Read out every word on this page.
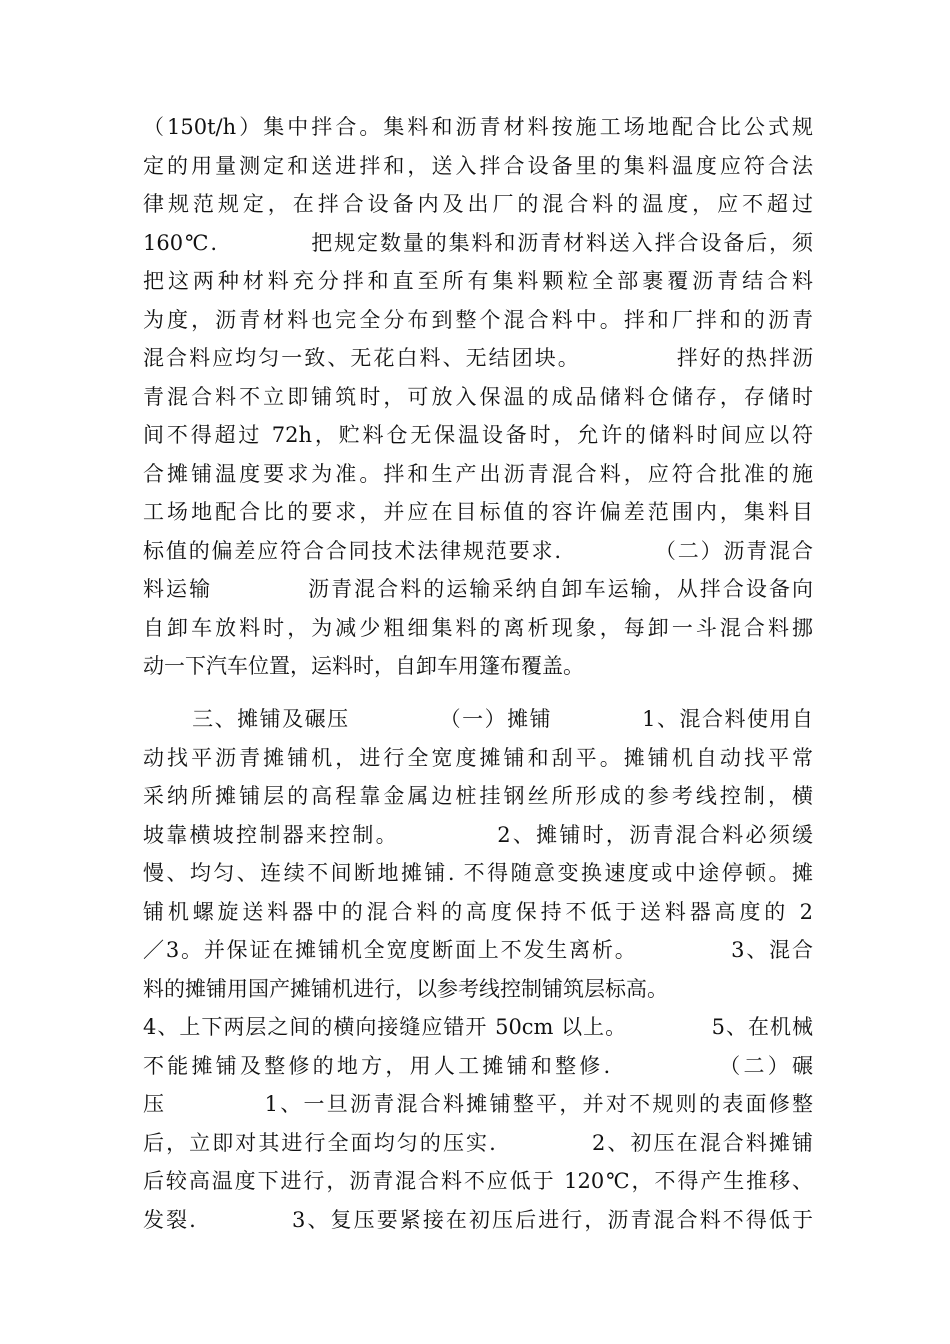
（150t/h）集中拌合。集料和沥青材料按施工场地配合比公式规
定的用量测定和送进拌和，送入拌合设备里的集料温度应符合法
律规范规定，在拌合设备内及出厂的混合料的温度，应不超过
160℃.           把规定数量的集料和沥青材料送入拌合设备后，须
把这两种材料充分拌和直至所有集料颗粒全部裹覆沥青结合料
为度，沥青材料也完全分布到整个混合料中。拌和厂拌和的沥青
混合料应均匀一致、无花白料、无结团块。           拌好的热拌沥
青混合料不立即铺筑时，可放入保温的成品储料仓储存，存储时
间不得超过 72h，贮料仓无保温设备时，允许的储料时间应以符
合摊铺温度要求为准。拌和生产出沥青混合料，应符合批准的施
工场地配合比的要求，并应在目标值的容许偏差范围内，集料目
标值的偏差应符合合同技术法律规范要求.           （二）沥青混合
料运输           沥青混合料的运输采纳自卸车运输，从拌合设备向
自卸车放料时，为减少粗细集料的离析现象，每卸一斗混合料挪
动一下汽车位置，运料时，自卸车用篷布覆盖。
三、摊铺及碾压           （一）摊铺           1、混合料使用自
动找平沥青摊铺机，进行全宽度摊铺和刮平。摊铺机自动找平常
采纳所摊铺层的高程靠金属边桩挂钢丝所形成的参考线控制，横
坡靠横坡控制器来控制。           2、摊铺时，沥青混合料必须缓
慢、均匀、连续不间断地摊铺. 不得随意变换速度或中途停顿。摊
铺机螺旋送料器中的混合料的高度保持不低于送料器高度的 2
／3。并保证在摊铺机全宽度断面上不发生离析。           3、混合
料的摊铺用国产摊铺机进行，以参考线控制铺筑层标高。
4、上下两层之间的横向接缝应错开 50cm 以上。           5、在机械
不能摊铺及整修的地方，用人工摊铺和整修.           （二）碾
压           1、一旦沥青混合料摊铺整平，并对不规则的表面修整
后，立即对其进行全面均匀的压实.           2、初压在混合料摊铺
后较高温度下进行，沥青混合料不应低于 120℃，不得产生推移、
发裂.           3、复压要紧接在初压后进行，沥青混合料不得低于
